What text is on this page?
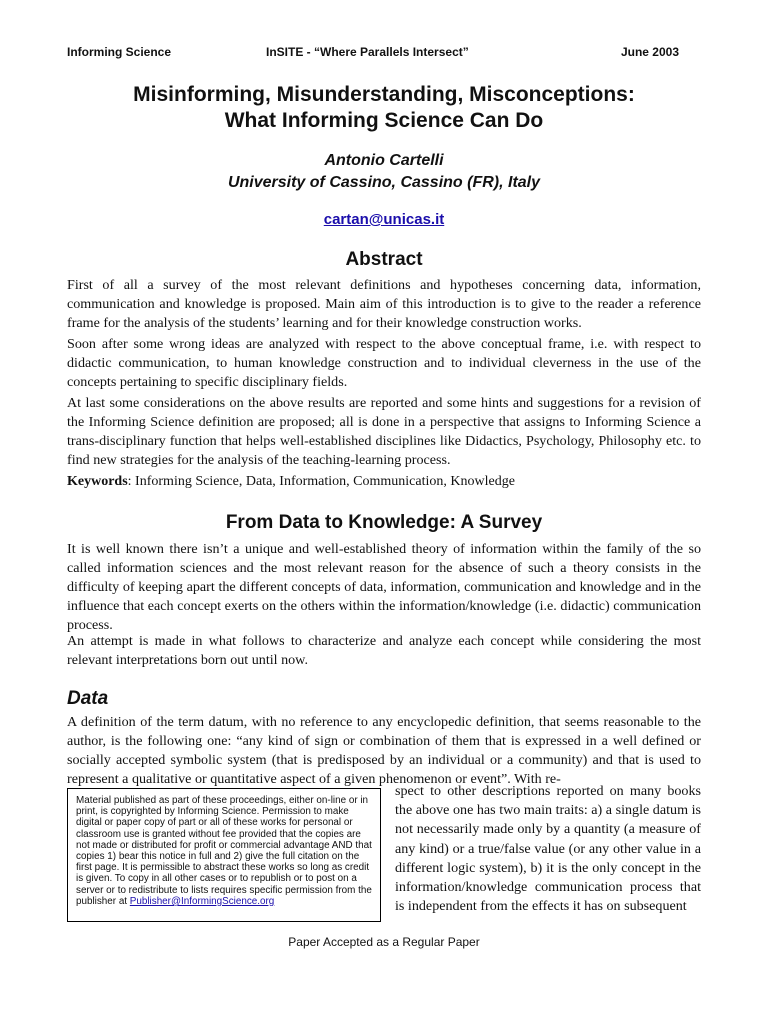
Informing Science	InSITE - “Where Parallels Intersect”	June 2003
Misinforming, Misunderstanding, Misconceptions:
What Informing Science Can Do
Antonio Cartelli
University of Cassino, Cassino (FR), Italy
cartan@unicas.it
Abstract

First of all a survey of the most relevant definitions and hypotheses concerning data, information, communication and knowledge is proposed. Main aim of this introduction is to give to the reader a reference frame for the analysis of the students’ learning and for their knowledge construction works.

Soon after some wrong ideas are analyzed with respect to the above conceptual frame, i.e. with respect to didactic communication, to human knowledge construction and to individual cleverness in the use of the concepts pertaining to specific disciplinary fields.

At last some considerations on the above results are reported and some hints and suggestions for a revision of the Informing Science definition are proposed; all is done in a perspective that assigns to Informing Science a trans-disciplinary function that helps well-established disciplines like Didactics, Psychology, Philosophy etc. to find new strategies for the analysis of the teaching-learning process.

Keywords: Informing Science, Data, Information, Communication, Knowledge
From Data to Knowledge: A Survey

It is well known there isn’t a unique and well-established theory of information within the family of the so called information sciences and the most relevant reason for the absence of such a theory consists in the difficulty of keeping apart the different concepts of data, information, communication and knowledge and in the influence that each concept exerts on the others within the information/knowledge (i.e. didactic) communication process.

An attempt is made in what follows to characterize and analyze each concept while considering the most relevant interpretations born out until now.

Data

A definition of the term datum, with no reference to any encyclopedic definition, that seems reasonable to the author, is the following one: “any kind of sign or combination of them that is expressed in a well defined or socially accepted symbolic system (that is predisposed by an individual or a community) and that is used to represent a qualitative or quantitative aspect of a given phenomenon or event”. With re-

spect to other descriptions reported on many books the above one has two main traits: a) a single datum is not necessarily made only by a quantity (a measure of any kind) or a true/false value (or any other value in a different logic system), b) it is the only concept in the information/knowledge communication process that is independent from the effects it has on subsequent

Material published as part of these proceedings, either on-line or in print, is copyrighted by Informing Science. Permission to make digital or paper copy of part or all of these works for personal or classroom use is granted without fee provided that the copies are not made or distributed for profit or commercial advantage AND that copies 1) bear this notice in full and 2) give the full citation on the first page. It is permissible to abstract these works so long as credit is given. To copy in all other cases or to republish or to post on a server or to redistribute to lists requires specific permission from the publisher at Publisher@InformingScience.org
Paper Accepted as a Regular Paper
